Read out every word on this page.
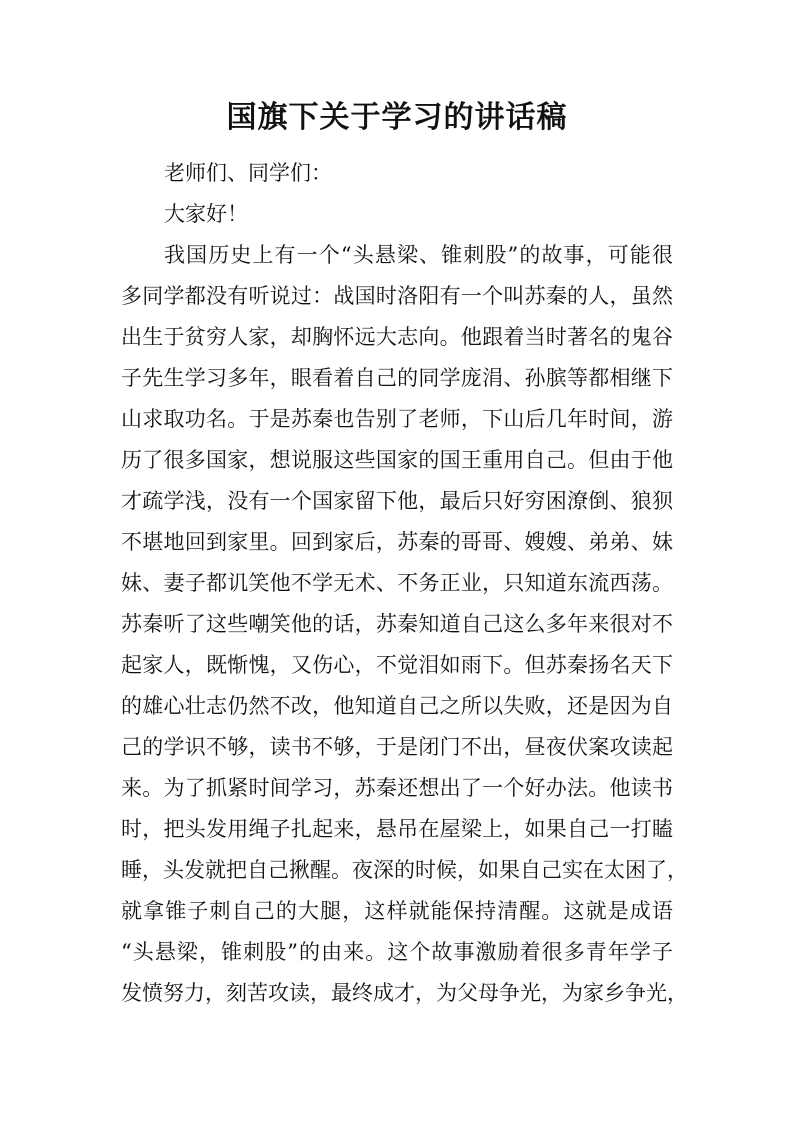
国旗下关于学习的讲话稿
老师们、同学们：
大家好！
我国历史上有一个“头悬梁、锥刺股”的故事，可能很
多同学都没有听说过：战国时洛阳有一个叫苏秦的人，虽然
出生于贫穷人家，却胸怀远大志向。他跟着当时著名的鬼谷
子先生学习多年，眼看着自己的同学庞涓、孙膑等都相继下
山求取功名。于是苏秦也告别了老师，下山后几年时间，游
历了很多国家，想说服这些国家的国王重用自己。但由于他
才疏学浅，没有一个国家留下他，最后只好穷困潦倒、狼狈
不堪地回到家里。回到家后，苏秦的哥哥、嫂嫂、弟弟、妹
妹、妻子都讥笑他不学无术、不务正业，只知道东流西荡。
苏秦听了这些嘲笑他的话，苏秦知道自己这么多年来很对不
起家人，既惭愧，又伤心，不觉泪如雨下。但苏秦扬名天下
的雄心壮志仍然不改，他知道自己之所以失败，还是因为自
己的学识不够，读书不够，于是闭门不出，昼夜伏案攻读起
来。为了抓紧时间学习，苏秦还想出了一个好办法。他读书
时，把头发用绳子扎起来，悬吊在屋梁上，如果自己一打瞌
睡，头发就把自己揪醒。夜深的时候，如果自己实在太困了，
就拿锥子刺自己的大腿，这样就能保持清醒。这就是成语
“头悬梁，锥刺股”的由来。这个故事激励着很多青年学子
发愤努力，刻苦攻读，最终成才，为父母争光，为家乡争光，
